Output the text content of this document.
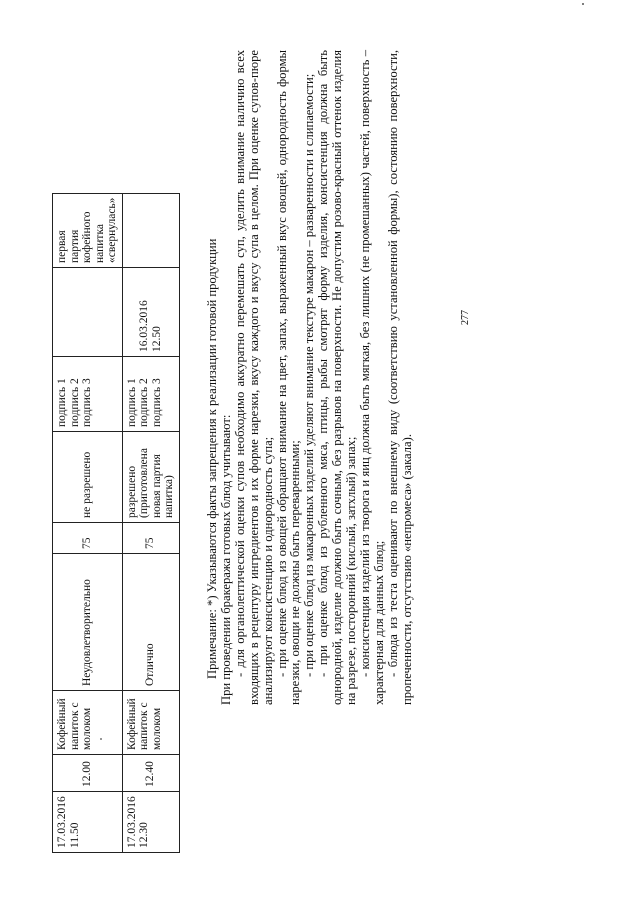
17.03.2016
11.50	12.00	Кофейный
напиток с
молоком	Неудовлетворительно	75	не разрешено	подпись 1
подпись 2
подпись 3		первая партия
кофейного
напитка
«свернулась»
17.03.2016
12.30	12.40	Кофейный
напиток с
молоком	Отлично	75	разрешено
(приготовлена
новая партия
напитка)	подпись 1
подпись 2
подпись 3	16.03.2016
12.50		Примечание: *) Указываются факты запрещения к реализации готовой продукции При проведении бракеража готовых блюд учитывают: - для органолептической оценки супов необходимо аккуратно перемешать суп, уделить внимание наличию всех входящих в рецептуру ингредиентов и их форме нарезки, вкусу каждого и вкусу супа в целом. При оценке супов-пюре анализируют консистенцию и однородность супа; - при оценке блюд из овощей обращают внимание на цвет, запах, выраженный вкус овощей, однородность формы нарезки, овощи не должны быть переваренными; - при оценке блюд из макаронных изделий уделяют внимание текстуре макарон – разваренности и слипаемости; - при оценке блюд из рубленного мяса, птицы, рыбы смотрят форму изделия, консистенция должна быть однородной, изделие должно быть сочным, без разрывов на поверхности. Не допустим розово-красный оттенок изделия на разрезе, посторонний (кислый, затхлый) запах; - консистенция изделий из творога и яиц должна быть мягкая, без лишних (не промешанных) частей, поверхность – характерная для данных блюд; - блюда из теста оценивают по внешнему виду (соответствию установленной формы), состоянию поверхности, пропеченности, отсутствию «непромеса» (закала).

277
